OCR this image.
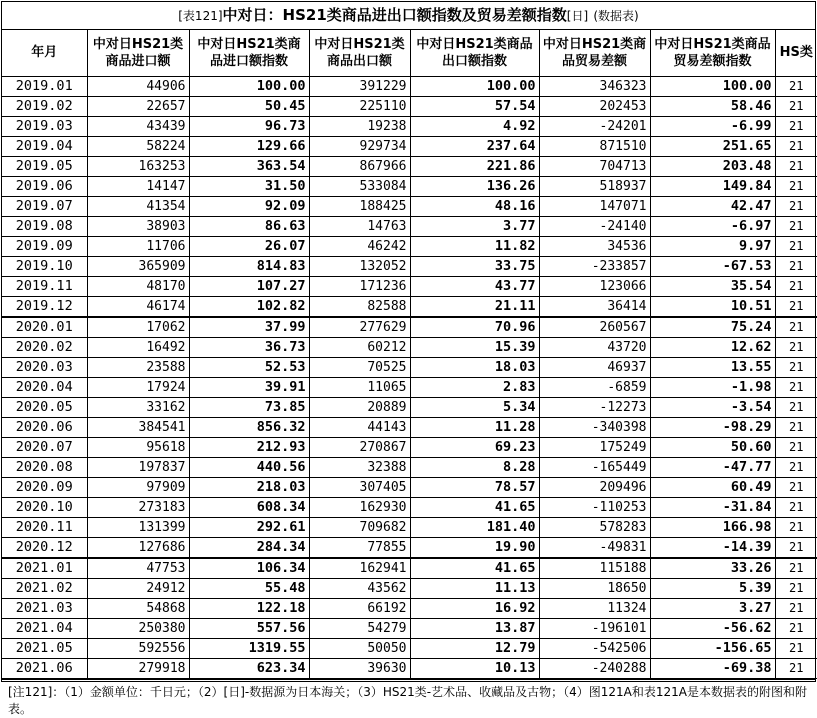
[表121]中对日：HS21类商品进出口额指数及贸易差额指数[日] (数据表)
年月	中对日HS21类商品进口额	中对日HS21类商品进口额指数	中对日HS21类商品出口额	中对日HS21类商品出口额指数	中对日HS21类商品贸易差额	中对日HS21类商品贸易差额指数	HS类
2019.01	44906	100.00	391229	100.00	346323	100.00	21
2019.02	22657	50.45	225110	57.54	202453	58.46	21
2019.03	43439	96.73	19238	4.92	-24201	-6.99	21
2019.04	58224	129.66	929734	237.64	871510	251.65	21
2019.05	163253	363.54	867966	221.86	704713	203.48	21
2019.06	14147	31.50	533084	136.26	518937	149.84	21
2019.07	41354	92.09	188425	48.16	147071	42.47	21
2019.08	38903	86.63	14763	3.77	-24140	-6.97	21
2019.09	11706	26.07	46242	11.82	34536	9.97	21
2019.10	365909	814.83	132052	33.75	-233857	-67.53	21
2019.11	48170	107.27	171236	43.77	123066	35.54	21
2019.12	46174	102.82	82588	21.11	36414	10.51	21
2020.01	17062	37.99	277629	70.96	260567	75.24	21
2020.02	16492	36.73	60212	15.39	43720	12.62	21
2020.03	23588	52.53	70525	18.03	46937	13.55	21
2020.04	17924	39.91	11065	2.83	-6859	-1.98	21
2020.05	33162	73.85	20889	5.34	-12273	-3.54	21
2020.06	384541	856.32	44143	11.28	-340398	-98.29	21
2020.07	95618	212.93	270867	69.23	175249	50.60	21
2020.08	197837	440.56	32388	8.28	-165449	-47.77	21
2020.09	97909	218.03	307405	78.57	209496	60.49	21
2020.10	273183	608.34	162930	41.65	-110253	-31.84	21
2020.11	131399	292.61	709682	181.40	578283	166.98	21
2020.12	127686	284.34	77855	19.90	-49831	-14.39	21
2021.01	47753	106.34	162941	41.65	115188	33.26	21
2021.02	24912	55.48	43562	11.13	18650	5.39	21
2021.03	54868	122.18	66192	16.92	11324	3.27	21
2021.04	250380	557.56	54279	13.87	-196101	-56.62	21
2021.05	592556	1319.55	50050	12.79	-542506	-156.65	21
2021.06	279918	623.34	39630	10.13	-240288	-69.38	21
[注121]：（1）金额单位：千日元；（2）[日]-数据源为日本海关；（3）HS21类-艺术品、收藏品及古物；（4）图121A和表121A是本数据表的附图和附表。
